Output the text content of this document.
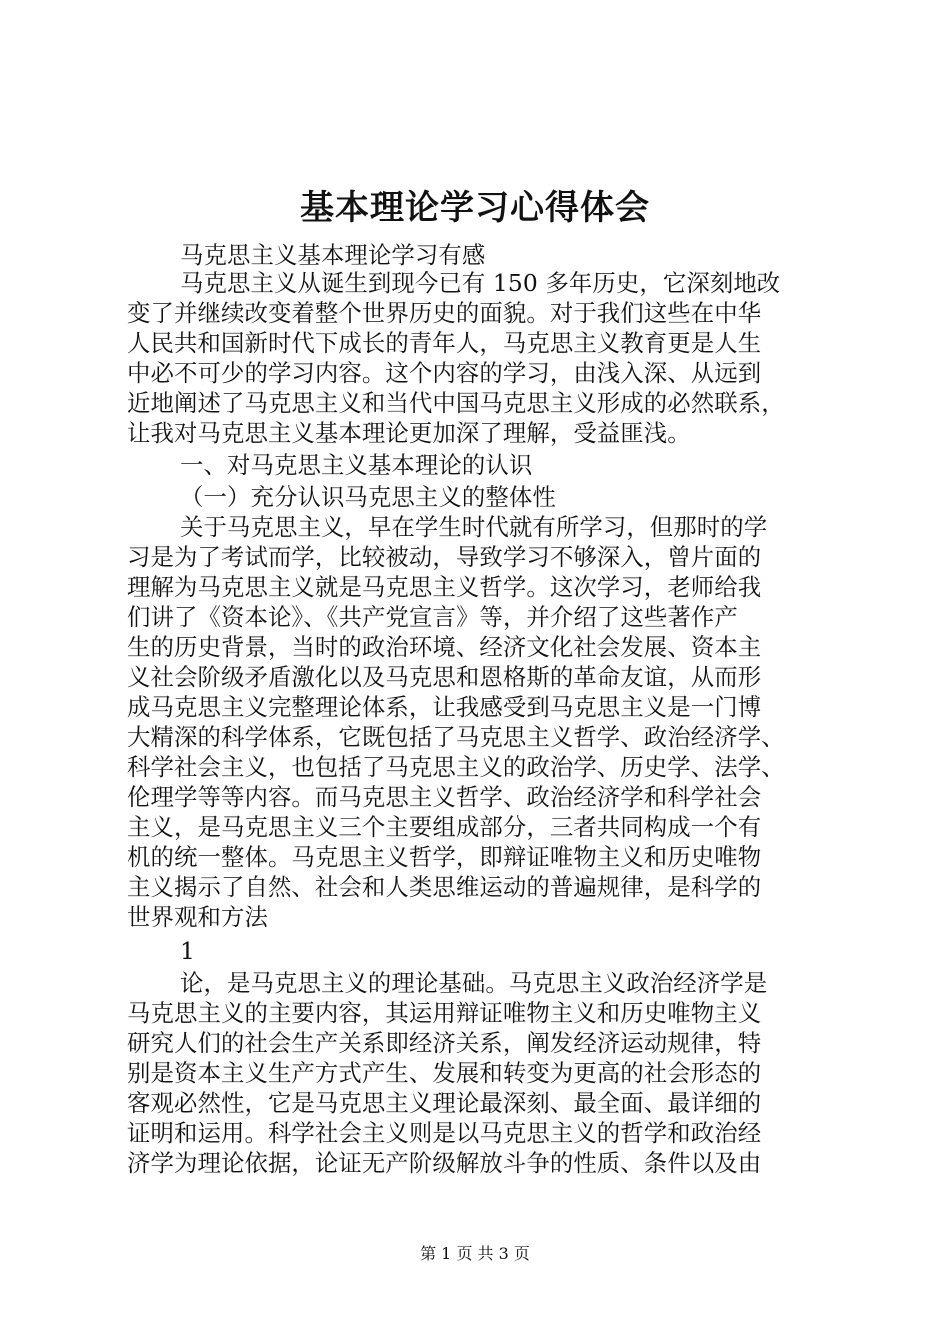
基本理论学习心得体会
马克思主义基本理论学习有感
马克思主义从诞生到现今已有 150 多年历史，它深刻地改
变了并继续改变着整个世界历史的面貌。对于我们这些在中华
人民共和国新时代下成长的青年人，马克思主义教育更是人生
中必不可少的学习内容。这个内容的学习，由浅入深、从远到
近地阐述了马克思主义和当代中国马克思主义形成的必然联系，
让我对马克思主义基本理论更加深了理解，受益匪浅。
一、对马克思主义基本理论的认识
（一）充分认识马克思主义的整体性
关于马克思主义，早在学生时代就有所学习，但那时的学
习是为了考试而学，比较被动，导致学习不够深入，曾片面的
理解为马克思主义就是马克思主义哲学。这次学习，老师给我
们讲了《资本论》、《共产党宣言》等，并介绍了这些著作产
生的历史背景，当时的政治环境、经济文化社会发展、资本主
义社会阶级矛盾激化以及马克思和恩格斯的革命友谊，从而形
成马克思主义完整理论体系，让我感受到马克思主义是一门博
大精深的科学体系，它既包括了马克思主义哲学、政治经济学、
科学社会主义，也包括了马克思主义的政治学、历史学、法学、
伦理学等等内容。而马克思主义哲学、政治经济学和科学社会
主义，是马克思主义三个主要组成部分，三者共同构成一个有
机的统一整体。马克思主义哲学，即辩证唯物主义和历史唯物
主义揭示了自然、社会和人类思维运动的普遍规律，是科学的
世界观和方法
1
论，是马克思主义的理论基础。马克思主义政治经济学是
马克思主义的主要内容，其运用辩证唯物主义和历史唯物主义
研究人们的社会生产关系即经济关系，阐发经济运动规律，特
别是资本主义生产方式产生、发展和转变为更高的社会形态的
客观必然性，它是马克思主义理论最深刻、最全面、最详细的
证明和运用。科学社会主义则是以马克思主义的哲学和政治经
济学为理论依据，论证无产阶级解放斗争的性质、条件以及由
第 1 页 共 3 页
